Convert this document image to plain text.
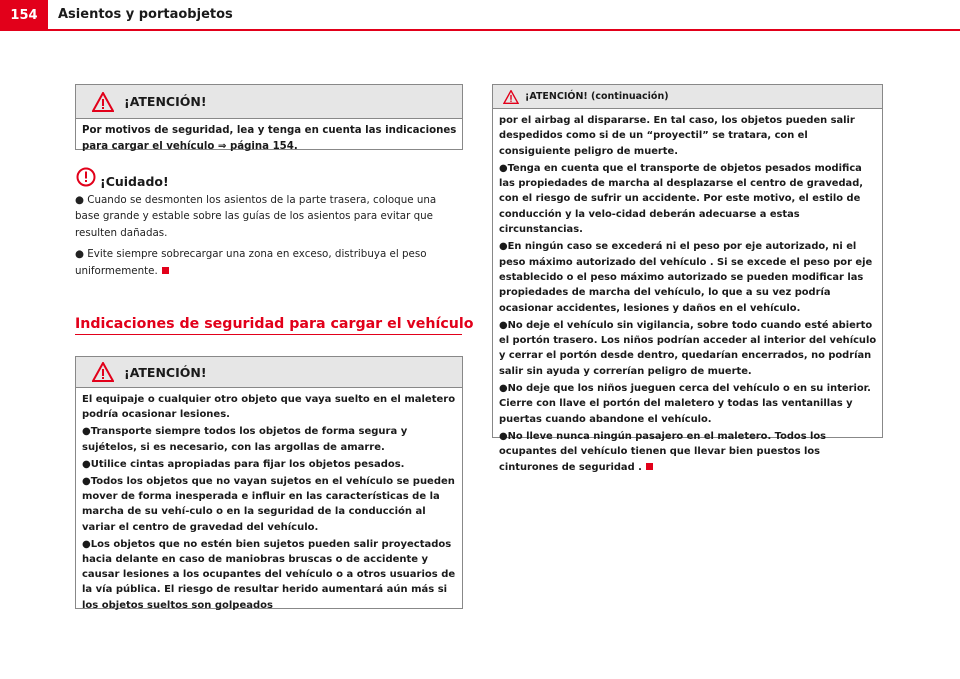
154	Asientos y portaobjetos
¡ATENCIÓN!

Por motivos de seguridad, lea y tenga en cuenta las indicaciones para cargar el vehículo ⇒ página 154.

¡Cuidado!

● Cuando se desmonten los asientos de la parte trasera, coloque una base grande y estable sobre las guías de los asientos para evitar que resulten dañadas.

● Evite siempre sobrecargar una zona en exceso, distribuya el peso uniformemente.

Indicaciones de seguridad para cargar el vehículo
¡ATENCIÓN!

El equipaje o cualquier otro objeto que vaya suelto en el maletero podría ocasionar lesiones.

●Transporte siempre todos los objetos de forma segura y sujételos, si es necesario, con las argollas de amarre.

●Utilice cintas apropiadas para fijar los objetos pesados.

●Todos los objetos que no vayan sujetos en el vehículo se pueden mover de forma inesperada e influir en las características de la marcha de su vehí-culo o en la seguridad de la conducción al variar el centro de gravedad del vehículo.

●Los objetos que no estén bien sujetos pueden salir proyectados hacia delante en caso de maniobras bruscas o de accidente y causar lesiones a los ocupantes del vehículo o a otros usuarios de la vía pública. El riesgo de resultar herido aumentará aún más si los objetos sueltos son golpeados

¡ATENCIÓN! (continuación)

por el airbag al dispararse. En tal caso, los objetos pueden salir despedidos como si de un “proyectil” se tratara, con el consiguiente peligro de muerte.

●Tenga en cuenta que el transporte de objetos pesados modifica las propiedades de marcha al desplazarse el centro de gravedad, con el riesgo de sufrir un accidente. Por este motivo, el estilo de conducción y la velo-cidad deberán adecuarse a estas circunstancias.

●En ningún caso se excederá ni el peso por eje autorizado, ni el peso máximo autorizado del vehículo . Si se excede el peso por eje establecido o el peso máximo autorizado se pueden modificar las propiedades de marcha del vehículo, lo que a su vez podría ocasionar accidentes, lesiones y daños en el vehículo.

●No deje el vehículo sin vigilancia, sobre todo cuando esté abierto el portón trasero. Los niños podrían acceder al interior del vehículo y cerrar el portón desde dentro, quedarían encerrados, no podrían salir sin ayuda y correrían peligro de muerte.

●No deje que los niños jueguen cerca del vehículo o en su interior. Cierre con llave el portón del maletero y todas las ventanillas y puertas cuando abandone el vehículo.

●No lleve nunca ningún pasajero en el maletero. Todos los ocupantes del vehículo tienen que llevar bien puestos los cinturones de seguridad .
